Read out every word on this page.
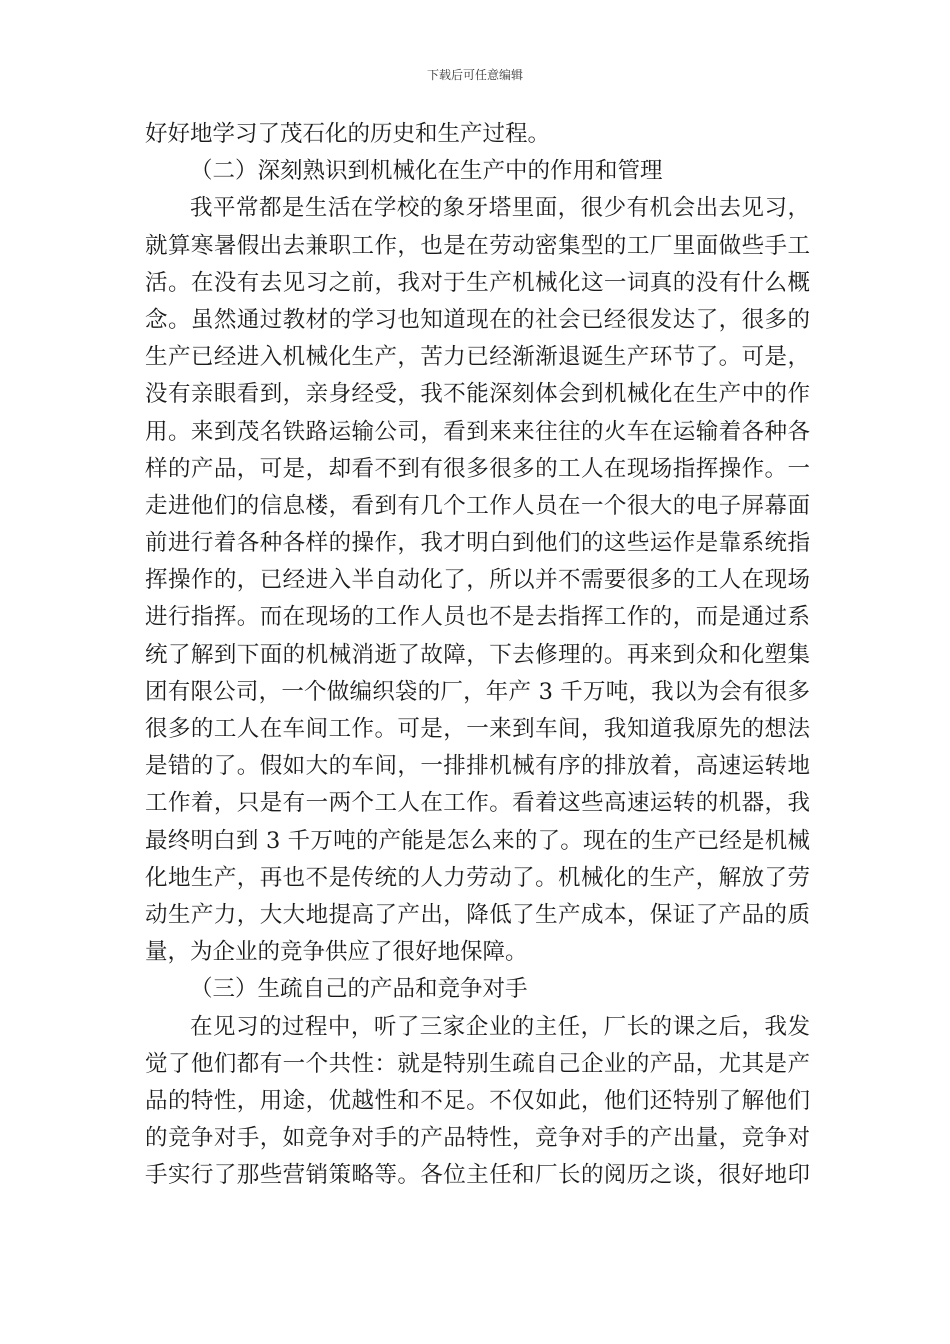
下载后可任意编辑
好好地学习了茂石化的历史和生产过程。
（二）深刻熟识到机械化在生产中的作用和管理
我平常都是生活在学校的象牙塔里面，很少有机会出去见习，
就算寒暑假出去兼职工作，也是在劳动密集型的工厂里面做些手工
活。在没有去见习之前，我对于生产机械化这一词真的没有什么概
念。虽然通过教材的学习也知道现在的社会已经很发达了，很多的
生产已经进入机械化生产，苦力已经渐渐退诞生产环节了。可是，
没有亲眼看到，亲身经受，我不能深刻体会到机械化在生产中的作
用。来到茂名铁路运输公司，看到来来往往的火车在运输着各种各
样的产品，可是，却看不到有很多很多的工人在现场指挥操作。一
走进他们的信息楼，看到有几个工作人员在一个很大的电子屏幕面
前进行着各种各样的操作，我才明白到他们的这些运作是靠系统指
挥操作的，已经进入半自动化了，所以并不需要很多的工人在现场
进行指挥。而在现场的工作人员也不是去指挥工作的，而是通过系
统了解到下面的机械消逝了故障，下去修理的。再来到众和化塑集
团有限公司，一个做编织袋的厂，年产 3 千万吨，我以为会有很多
很多的工人在车间工作。可是，一来到车间，我知道我原先的想法
是错的了。假如大的车间，一排排机械有序的排放着，高速运转地
工作着，只是有一两个工人在工作。看着这些高速运转的机器，我
最终明白到 3 千万吨的产能是怎么来的了。现在的生产已经是机械
化地生产，再也不是传统的人力劳动了。机械化的生产，解放了劳
动生产力，大大地提高了产出，降低了生产成本，保证了产品的质
量，为企业的竞争供应了很好地保障。
（三）生疏自己的产品和竞争对手
在见习的过程中，听了三家企业的主任，厂长的课之后，我发
觉了他们都有一个共性：就是特别生疏自己企业的产品，尤其是产
品的特性，用途，优越性和不足。不仅如此，他们还特别了解他们
的竞争对手，如竞争对手的产品特性，竞争对手的产出量，竞争对
手实行了那些营销策略等。各位主任和厂长的阅历之谈，很好地印
